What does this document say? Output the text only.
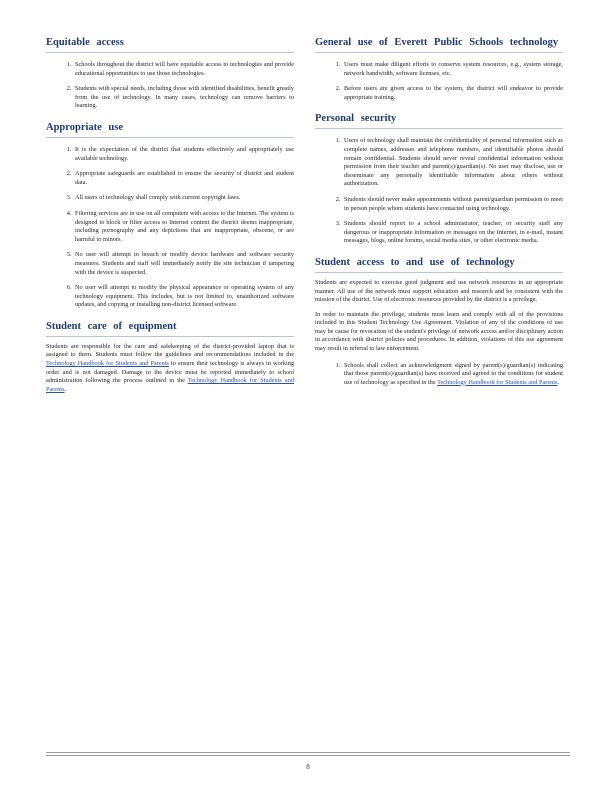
Equitable access
1. Schools throughout the district will have equitable access to technologies and provide educational opportunities to use those technologies.
2. Students with special needs, including those with identified disabilities, benefit greatly from the use of technology. In many cases, technology can remove barriers to learning.
Appropriate use
1. It is the expectation of the district that students effectively and appropriately use available technology.
2. Appropriate safeguards are established to ensure the security of district and student data.
3. All users of technology shall comply with current copyright laws.
4. Filtering services are in use on all computers with access to the Internet. The system is designed to block or filter access to Internet content the district deems inappropriate, including pornography and any depictions that are inappropriate, obscene, or are harmful to minors.
5. No user will attempt to breach or modify device hardware and software security measures. Students and staff will immediately notify the site technician if tampering with the device is suspected.
6. No user will attempt to modify the physical appearance or operating system of any technology equipment. This includes, but is not limited to, unauthorized software updates, and copying or installing non-district licensed software.
Student care of equipment

Students are responsible for the care and safekeeping of the district-provided laptop that is assigned to them. Students must follow the guidelines and recommendations included in the Technology Handbook for Students and Parents to ensure their technology is always in working order and is not damaged. Damage to the device must be reported immediately to school administration following the process outlined in the Technology Handbook for Students and Parents.

General use of Everett Public Schools technology
1. Users must make diligent efforts to conserve system resources, e.g., system storage, network bandwidth, software licenses, etc.
2. Before users are given access to the system, the district will endeavor to provide appropriate training.
Personal security
1. Users of technology shall maintain the confidentiality of personal information such as complete names, addresses and telephone numbers, and identifiable photos should remain confidential. Students should never reveal confidential information without permission from their teacher and parent(s)/guardian(s). No user may disclose, use or disseminate any personally identifiable information about others without authorization.
2. Students should never make appointments without parent/guardian permission to meet in person people whom students have contacted using technology.
3. Students should report to a school administrator, teacher, or security staff any dangerous or inappropriate information or messages on the Internet, in e-mail, instant messages, blogs, online forums, social media sites, or other electronic media.
Student access to and use of technology

Students are expected to exercise good judgment and use network resources in an appropriate manner. All use of the network must support education and research and be consistent with the mission of the district. Use of electronic resources provided by the district is a privilege.

In order to maintain the privilege, students must learn and comply with all of the provisions included in this Student Technology Use Agreement. Violation of any of the conditions of use may be cause for revocation of the student's privilege of network access and/or disciplinary action in accordance with district policies and procedures. In addition, violations of this use agreement may result in referral to law enforcement.

1. Schools shall collect an acknowledgment signed by parent(s)/guardian(s) indicating that those parent(s)/guardian(s) have received and agreed to the conditions for student use of technology as specified in the Technology Handbook for Students and Parents.
8
